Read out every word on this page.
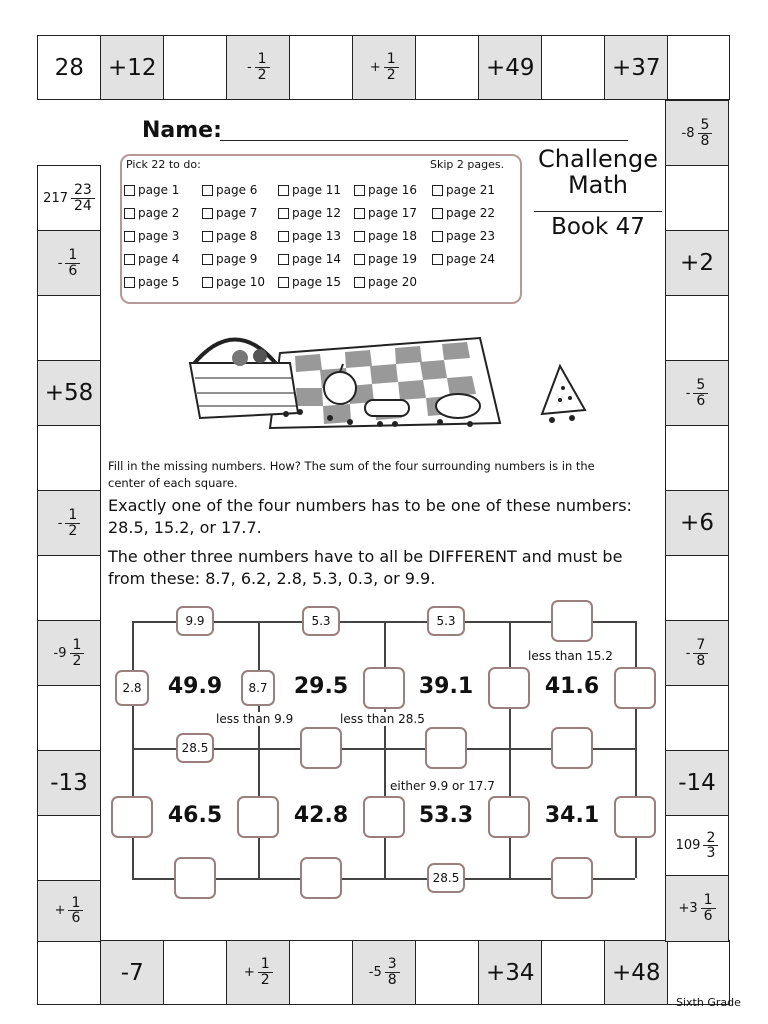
28 +12	- $\frac{1}{2}$	+ $\frac{1}{2}$	+49	+37
-7	+ $\frac{1}{2}$	$-5 \frac{3}{8}$	+34	+48
$217 \frac{23}{24}$
- $\frac{1}{6}$
+58
- $\frac{1}{2}$
$-9 \frac{1}{2}$
-13
+ $\frac{1}{6}$
$-8 \frac{5}{8}$
+2
- $\frac{5}{6}$
+6
- $\frac{7}{8}$
-14
$109 \frac{2}{3}$
$+3 \frac{1}{6}$
Name:
Pick 22 to do:	Skip 2 pages.
page 1
page 2
page 3
page 4
page 5
page 6
page 7
page 8
page 9
page 10
page 11
page 12
page 13
page 14
page 15
page 16
page 17
page 18
page 19
page 20
page 21
page 22
page 23
page 24
Challenge
Math
Book 47
Fill in the missing numbers. How? The sum of the four surrounding numbers is in the
center of each square.
Exactly one of the four numbers has to be one of these numbers:
28.5, 15.2, or 17.7.
The other three numbers have to all be DIFFERENT and must be
from these: 8.7, 6.2, 2.8, 5.3, 0.3, or 9.9.
9.9	5.3	5.3
28.5
28.5
2.8	8.7
49.9	29.5	39.1	41.6
46.5	42.8	53.3	34.1
less than 15.2
less than 9.9	less than 28.5
either 9.9 or 17.7
Sixth Grade
